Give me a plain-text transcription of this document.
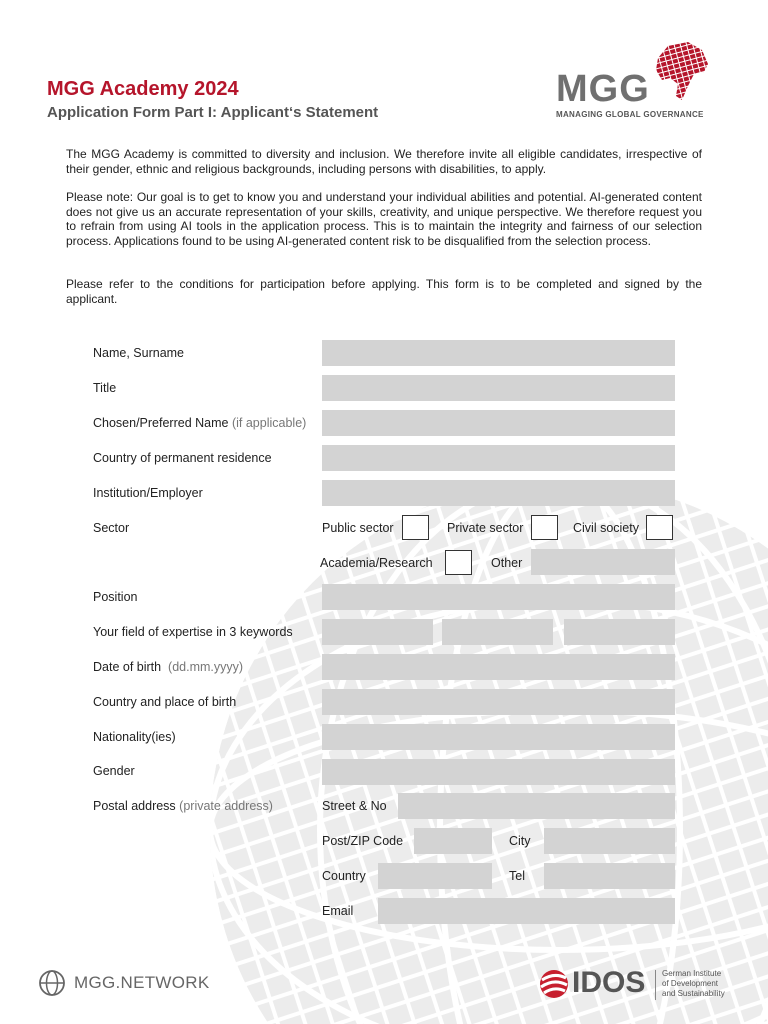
MGG Academy 2024
Application Form Part I: Applicant‘s Statement
MGG
MANAGING GLOBAL GOVERNANCE
The MGG Academy is committed to diversity and inclusion. We therefore invite all eligible candidates, irrespective of their gender, ethnic and religious backgrounds, including persons with disabilities, to apply.
Please note: Our goal is to get to know you and understand your individual abilities and potential. AI-generated content does not give us an accurate representation of your skills, creativity, and unique perspective. We therefore request you to refrain from using AI tools in the application process. This is to maintain the integrity and fairness of our selection process. Applications found to be using AI-generated content risk to be disqualified from the selection process.
Please refer to the conditions for participation before applying. This form is to be completed and signed by the applicant.
Name, Surname
Title
Chosen/Preferred Name (if applicable)
Country of permanent residence
Institution/Employer
Sector	Public sector	Private sector	Civil society
Academia/Research	Other
Position
Your field of expertise in 3 keywords
Date of birth (dd.mm.yyyy)
Country and place of birth
Nationality(ies)
Gender
Postal address (private address)	Street & No
Post/ZIP Code	City
Country	Tel
Email
MGG.NETWORK	IDOS German Institute
of Development
and Sustainability
